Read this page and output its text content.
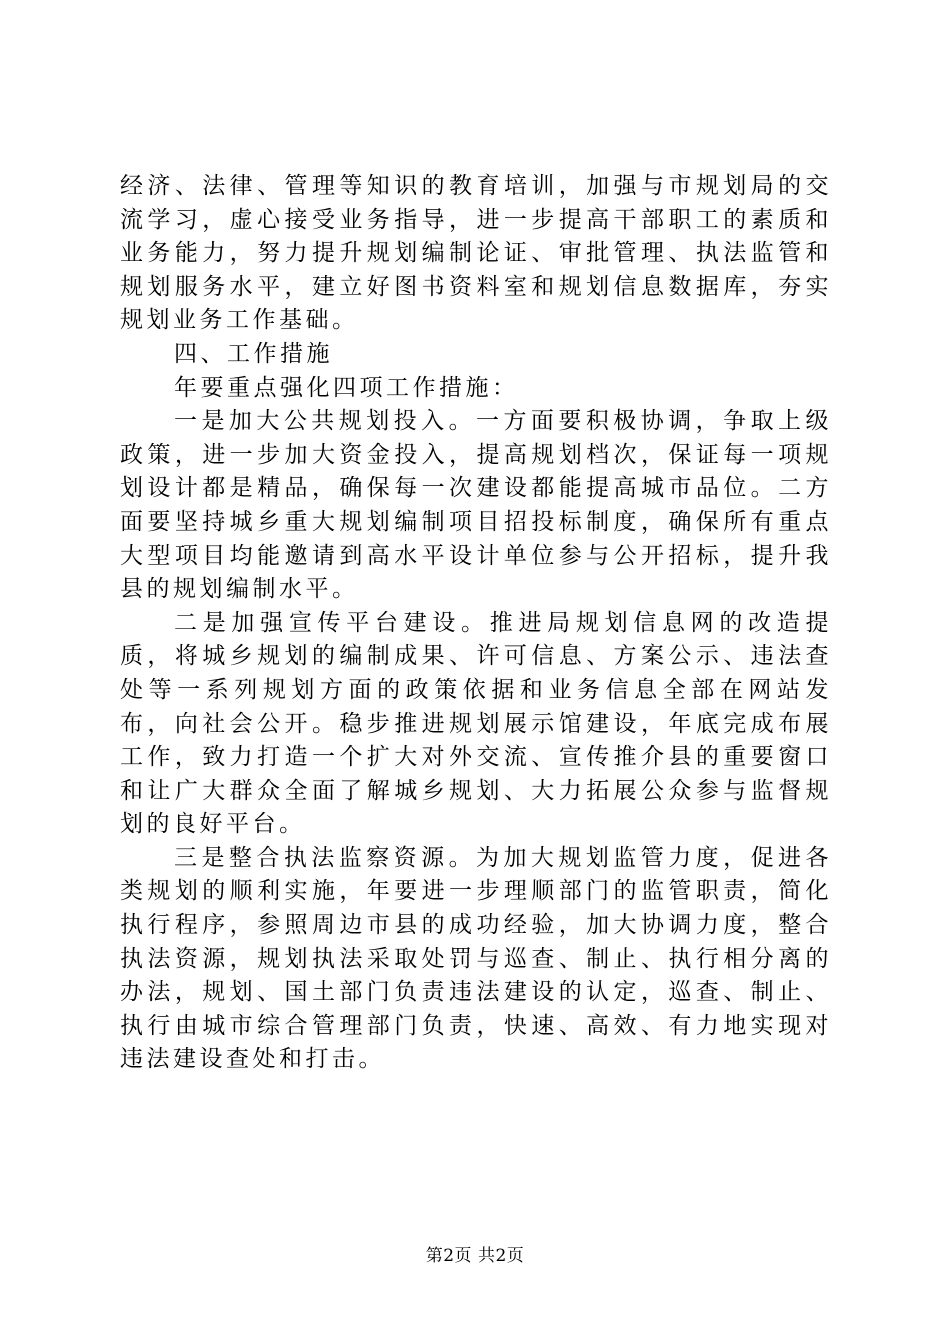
经济、法律、管理等知识的教育培训，加强与市规划局的交流学习，虚心接受业务指导，进一步提高干部职工的素质和业务能力，努力提升规划编制论证、审批管理、执法监管和规划服务水平，建立好图书资料室和规划信息数据库，夯实规划业务工作基础。

四、工作措施

年要重点强化四项工作措施：

一是加大公共规划投入。一方面要积极协调，争取上级政策，进一步加大资金投入，提高规划档次，保证每一项规划设计都是精品，确保每一次建设都能提高城市品位。二方面要坚持城乡重大规划编制项目招投标制度，确保所有重点大型项目均能邀请到高水平设计单位参与公开招标，提升我县的规划编制水平。

二是加强宣传平台建设。推进局规划信息网的改造提质，将城乡规划的编制成果、许可信息、方案公示、违法查处等一系列规划方面的政策依据和业务信息全部在网站发布，向社会公开。稳步推进规划展示馆建设，年底完成布展工作，致力打造一个扩大对外交流、宣传推介县的重要窗口和让广大群众全面了解城乡规划、大力拓展公众参与监督规划的良好平台。

三是整合执法监察资源。为加大规划监管力度，促进各类规划的顺利实施，年要进一步理顺部门的监管职责，简化执行程序，参照周边市县的成功经验，加大协调力度，整合执法资源，规划执法采取处罚与巡查、制止、执行相分离的办法，规划、国土部门负责违法建设的认定，巡查、制止、执行由城市综合管理部门负责，快速、高效、有力地实现对违法建设查处和打击。

第2页 共2页
